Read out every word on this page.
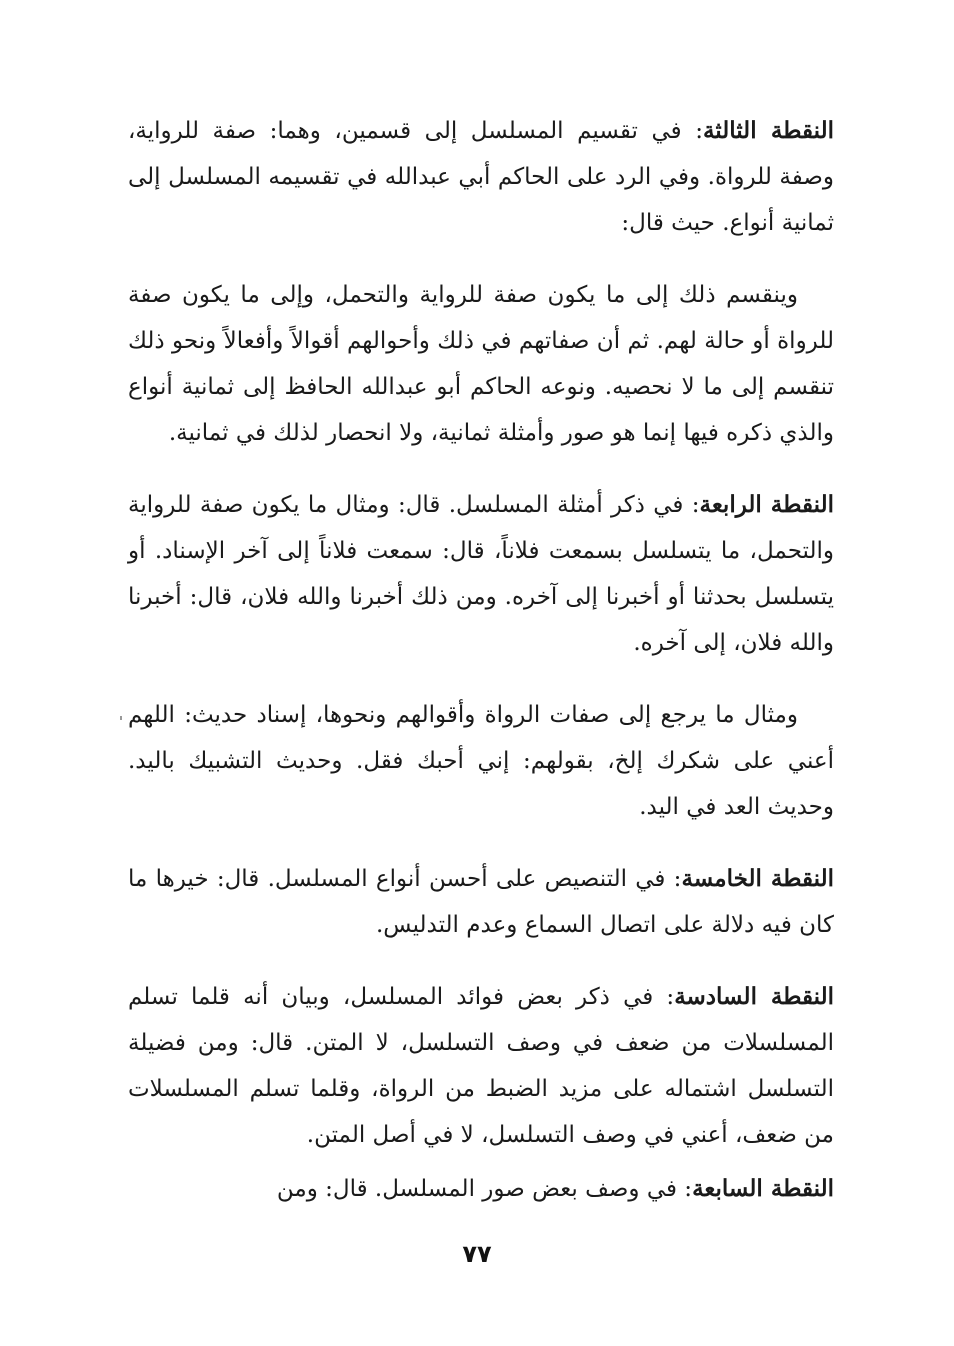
النقطة الثالثة: في تقسيم المسلسل إلى قسمين، وهما: صفة للرواية، وصفة للرواة. وفي الرد على الحاكم أبي عبدالله في تقسيمه المسلسل إلى ثمانية أنواع. حيث قال:

وينقسم ذلك إلى ما يكون صفة للرواية والتحمل، وإلى ما يكون صفة للرواة أو حالة لهم. ثم أن صفاتهم في ذلك وأحوالهم أقوالاً وأفعالاً ونحو ذلك تنقسم إلى ما لا نحصيه. ونوعه الحاكم أبو عبدالله الحافظ إلى ثمانية أنواع والذي ذكره فيها إنما هو صور وأمثلة ثمانية، ولا انحصار لذلك في ثمانية.

النقطة الرابعة: في ذكر أمثلة المسلسل. قال: ومثال ما يكون صفة للرواية والتحمل، ما يتسلسل بسمعت فلاناً، قال: سمعت فلاناً إلى آخر الإسناد. أو يتسلسل بحدثنا أو أخبرنا إلى آخره. ومن ذلك أخبرنا والله فلان، قال: أخبرنا والله فلان، إلى آخره.

ومثال ما يرجع إلى صفات الرواة وأقوالهم ونحوها، إسناد حديث: اللهم أعني على شكرك إلخ، بقولهم: إني أحبك فقل. وحديث التشبيك باليد. وحديث العد في اليد.

النقطة الخامسة: في التنصيص على أحسن أنواع المسلسل. قال: خيرها ما كان فيه دلالة على اتصال السماع وعدم التدليس.

النقطة السادسة: في ذكر بعض فوائد المسلسل، وبيان أنه قلما تسلم المسلسلات من ضعف في وصف التسلسل، لا المتن. قال: ومن فضيلة التسلسل اشتماله على مزيد الضبط من الرواة، وقلما تسلم المسلسلات من ضعف، أعني في وصف التسلسل، لا في أصل المتن.

النقطة السابعة: في وصف بعض صور المسلسل. قال: ومن

٧٧
